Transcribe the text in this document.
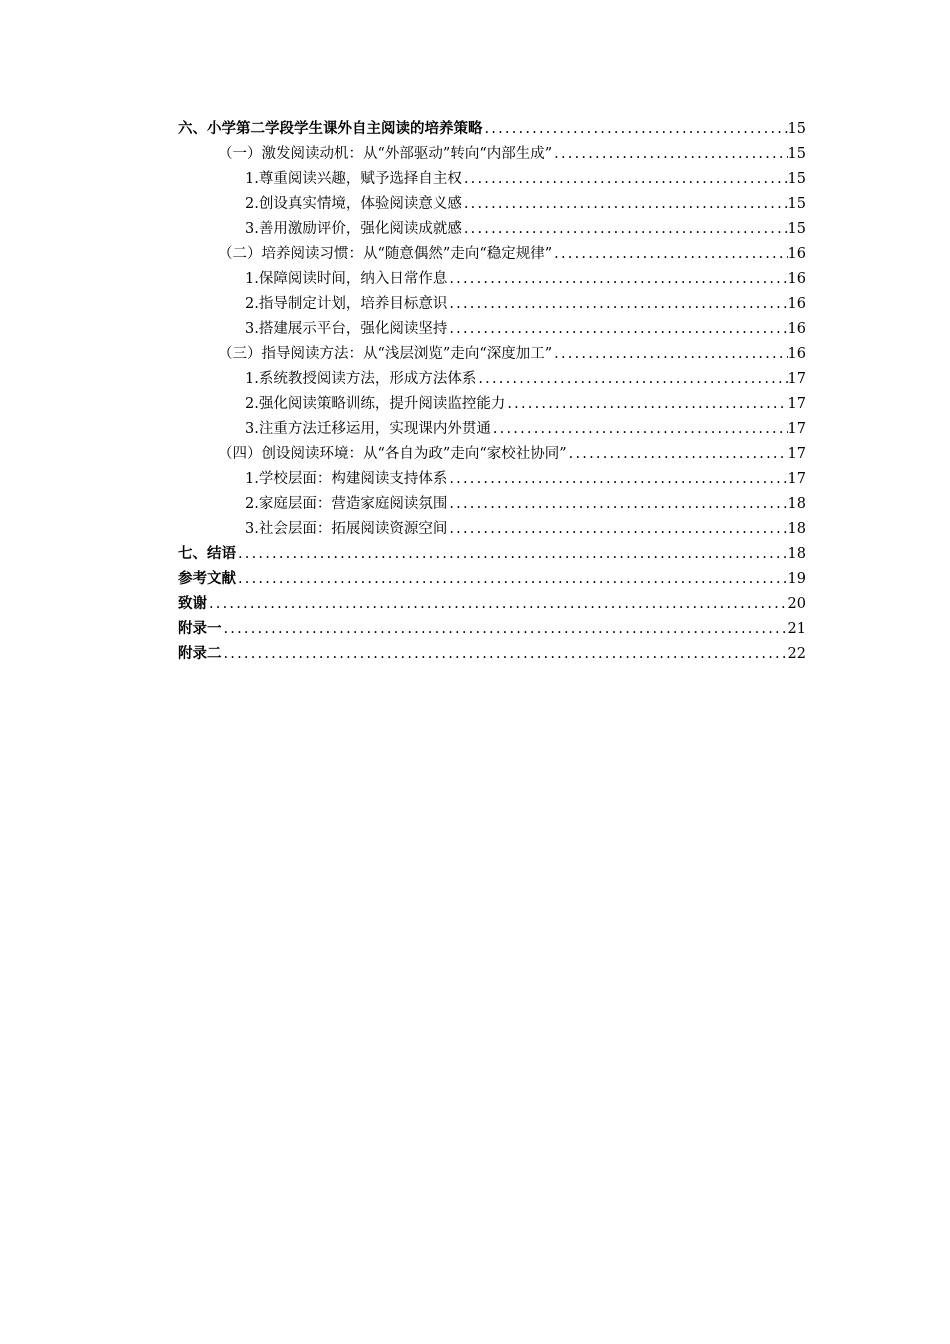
六、小学第二学段学生课外自主阅读的培养策略 .....	15
（一）激发阅读动机：从“外部驱动”转向“内部生成” .....	15
1.尊重阅读兴趣，赋予选择自主权 .....	15
2.创设真实情境，体验阅读意义感 .....	15
3.善用激励评价，强化阅读成就感 .....	15
（二）培养阅读习惯：从“随意偶然”走向“稳定规律” .....	16
1.保障阅读时间，纳入日常作息 .....	16
2.指导制定计划，培养目标意识 .....	16
3.搭建展示平台，强化阅读坚持 .....	16
（三）指导阅读方法：从“浅层浏览”走向“深度加工” .....	16
1.系统教授阅读方法，形成方法体系 .....	17
2.强化阅读策略训练，提升阅读监控能力 .....	17
3.注重方法迁移运用，实现课内外贯通 .....	17
（四）创设阅读环境：从“各自为政”走向“家校社协同” .....	17
1.学校层面：构建阅读支持体系 .....	17
2.家庭层面：营造家庭阅读氛围 .....	18
3.社会层面：拓展阅读资源空间 .....	18
七、结语 .....	18
参考文献 .....	19
致谢 .....	20
附录一 .....	21
附录二 .....	22
